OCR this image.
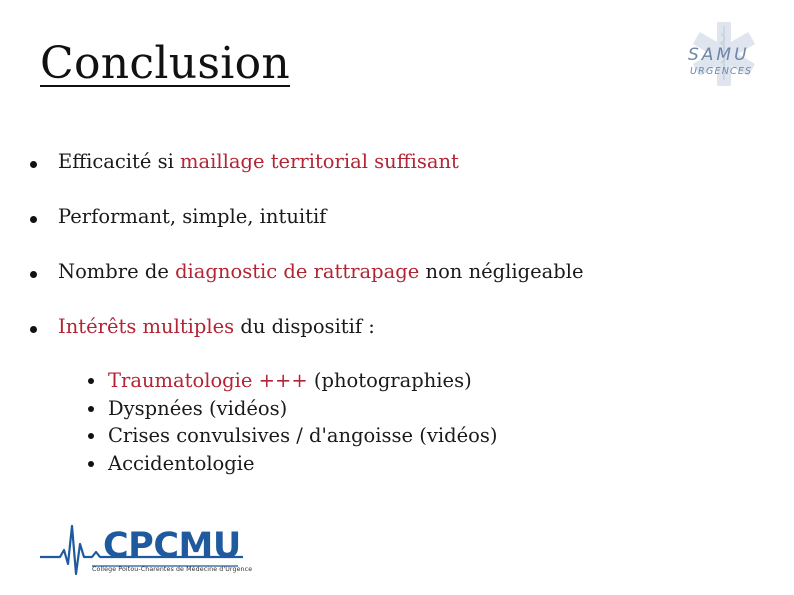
Conclusion	SAMU
URGENCES
Efficacité si maillage territorial suffisant
Performant, simple, intuitif
Nombre de diagnostic de rattrapage non négligeable
Intérêts multiples du dispositif :
Traumatologie +++ (photographies)
Dyspnées (vidéos)
Crises convulsives / d'angoisse (vidéos)
Accidentologie
CPCMU
Collège Poitou-Charentes de Médecine d'Urgence
